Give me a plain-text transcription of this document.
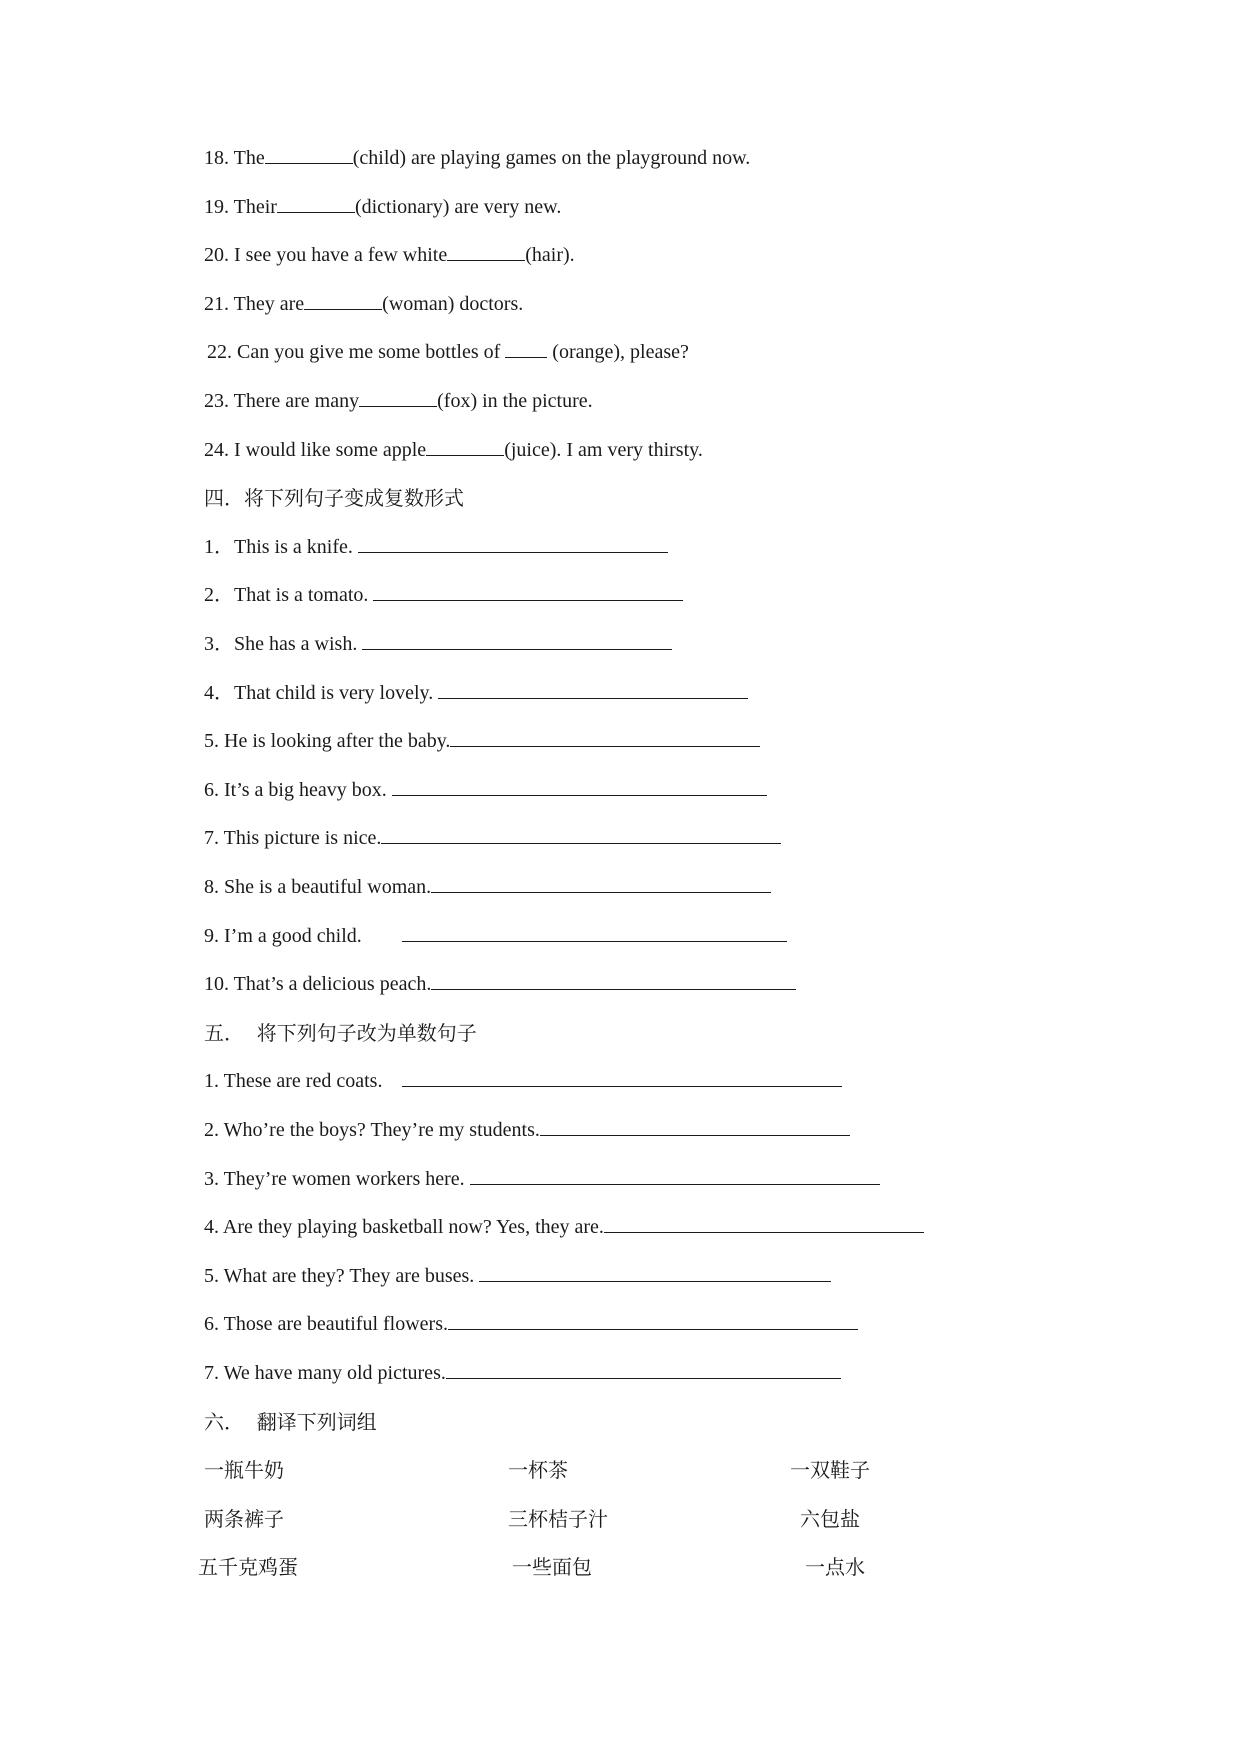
18. The	(child) are playing games on the playground now.
19. Their	(dictionary) are very new.
20. I see you have a few white	(hair).
21. They are	(woman) doctors.
22. Can you give me some bottles of  (orange), please?
23. There are many	(fox) in the picture.
24. I would like some apple	(juice). I am very thirsty.
四．将下列句子变成复数形式
1．This is a knife.
2．That is a tomato.
3．She has a wish.
4．That child is very lovely.
5. He is looking after the baby.
6. It’s a big heavy box.
7. This picture is nice.
8. She is a beautiful woman.
9. I’m a good child.
10. That’s a delicious peach.
五．  将下列句子改为单数句子
1. These are red coats.
2. Who’re the boys? They’re my students.
3. They’re women workers here.
4. Are they playing basketball now? Yes, they are.
5. What are they? They are buses.
6. Those are beautiful flowers.
7. We have many old pictures.
六．  翻译下列词组
一瓶牛奶	一杯茶	一双鞋子
两条裤子	三杯桔子汁	六包盐
五千克鸡蛋	一些面包	一点水
